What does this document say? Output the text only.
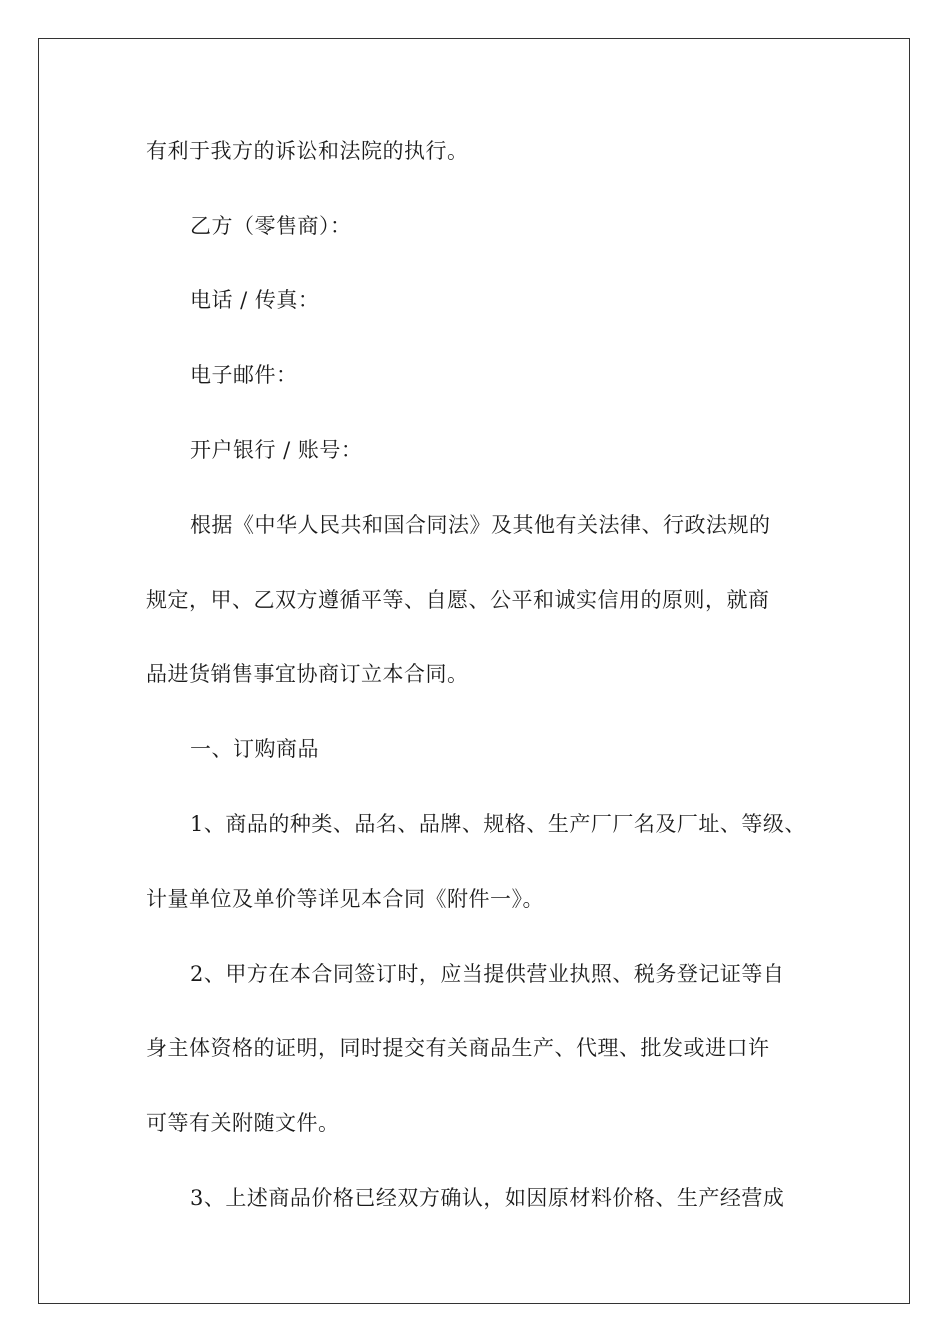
有利于我方的诉讼和法院的执行。
乙方（零售商）：
电话 / 传真：
电子邮件：
开户银行 / 账号：
根据《中华人民共和国合同法》及其他有关法律、行政法规的
规定，甲、乙双方遵循平等、自愿、公平和诚实信用的原则，就商
品进货销售事宜协商订立本合同。
一、订购商品
1、商品的种类、品名、品牌、规格、生产厂厂名及厂址、等级、
计量单位及单价等详见本合同《附件一》。
2、甲方在本合同签订时，应当提供营业执照、税务登记证等自
身主体资格的证明，同时提交有关商品生产、代理、批发或进口许
可等有关附随文件。
3、上述商品价格已经双方确认，如因原材料价格、生产经营成
